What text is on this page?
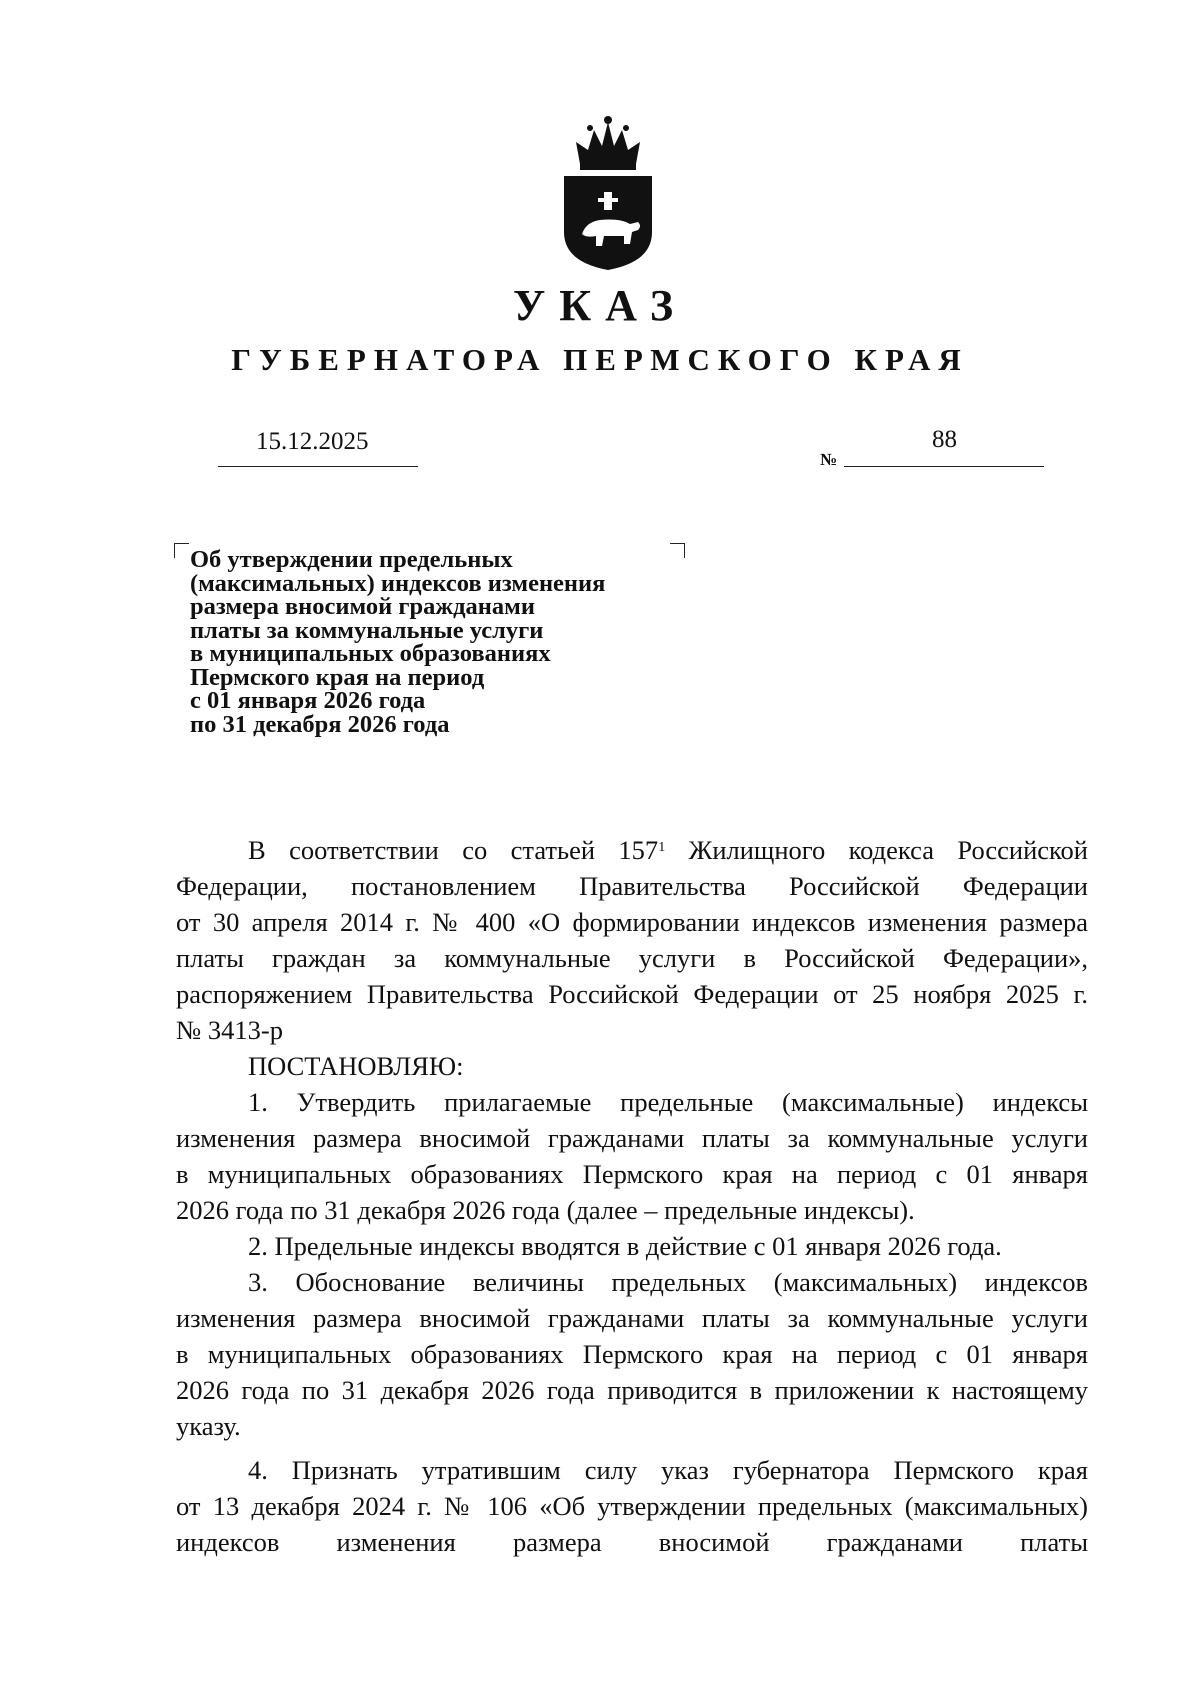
УКАЗ
ГУБЕРНАТОРА ПЕРМСКОГО КРАЯ
15.12.2025
№
88
Об утверждении предельных
(максимальных) индексов изменения
размера вносимой гражданами
платы за коммунальные услуги
в муниципальных образованиях
Пермского края на период
с 01 января 2026 года
по 31 декабря 2026 года
В соответствии со статьей $157^1$ Жилищного кодекса Российской
Федерации, постановлением Правительства Российской Федерации
от 30 апреля 2014 г. № 400 «О формировании индексов изменения размера
платы граждан за коммунальные услуги в Российской Федерации»,
распоряжением Правительства Российской Федерации от 25 ноября 2025 г.
№ 3413-р
ПОСТАНОВЛЯЮ:
1. Утвердить прилагаемые предельные (максимальные) индексы
изменения размера вносимой гражданами платы за коммунальные услуги
в муниципальных образованиях Пермского края на период с 01 января
2026 года по 31 декабря 2026 года (далее – предельные индексы).
2. Предельные индексы вводятся в действие с 01 января 2026 года.
3. Обоснование величины предельных (максимальных) индексов
изменения размера вносимой гражданами платы за коммунальные услуги
в муниципальных образованиях Пермского края на период с 01 января
2026 года по 31 декабря 2026 года приводится в приложении к настоящему
указу.
4. Признать утратившим силу указ губернатора Пермского края
от 13 декабря 2024 г. № 106 «Об утверждении предельных (максимальных)
индексов изменения размера вносимой гражданами платы
